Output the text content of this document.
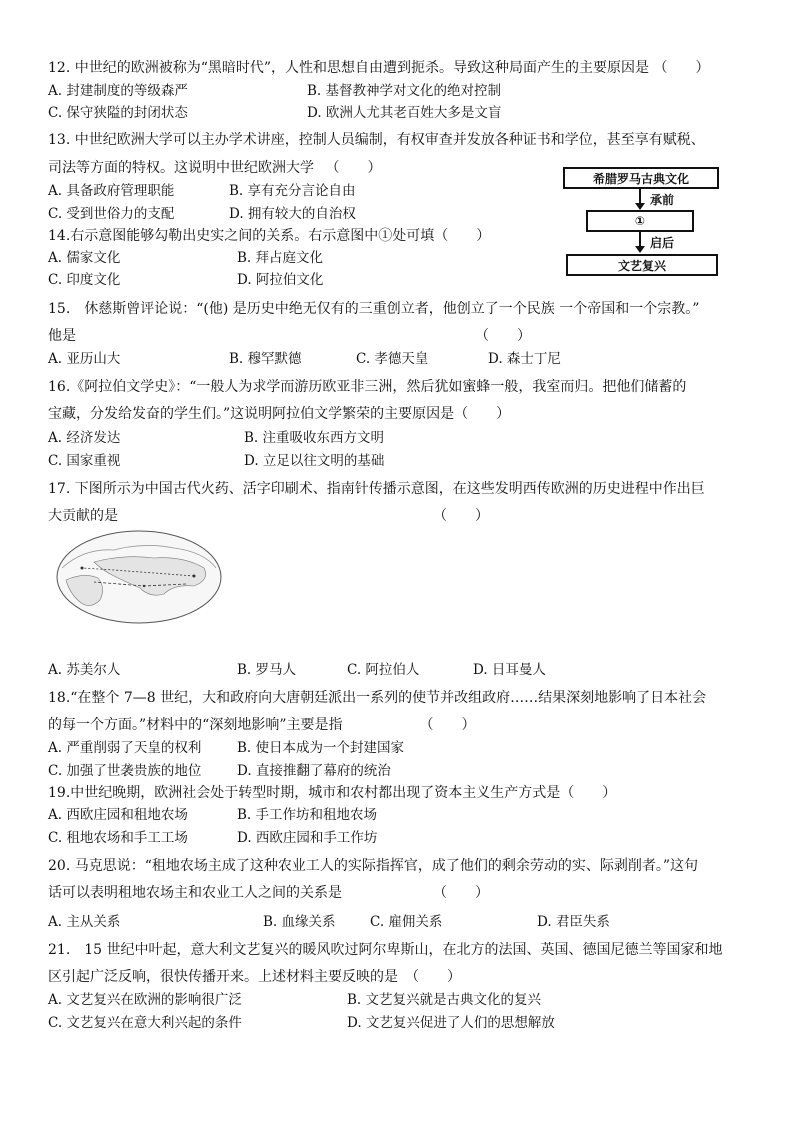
12. 中世纪的欧洲被称为“黑暗时代”，人性和思想自由遭到扼杀。导致这种局面产生的主要原因是 （　　）
A. 封建制度的等级森严	B. 基督教神学对文化的绝对控制
C. 保守狭隘的封闭状态	D. 欧洲人尤其老百姓大多是文盲
13. 中世纪欧洲大学可以主办学术讲座，控制人员编制，有权审查并发放各种证书和学位，甚至享有赋税、
司法等方面的特权。这说明中世纪欧洲大学 　（　　）
A. 具备政府管理职能	B. 享有充分言论自由
C. 受到世俗力的支配	D. 拥有较大的自治权
14.右示意图能够勾勒出史实之间的关系。右示意图中①处可填（　　）
A. 儒家文化	B. 拜占庭文化
C. 印度文化	D. 阿拉伯文化
希腊罗马古典文化
承前
①
启后
文艺复兴
15.　休慈斯曾评论说：“(他) 是历史中绝无仅有的三重创立者，他创立了一个民族 一个帝国和一个宗教。”
他是　　　　　　　　　　　　　　　　　　　　　　　　　　　　　（　　）
A. 亚历山大	B. 穆罕默德	C. 孝德天皇	D. 森士丁尼
16.《阿拉伯文学史》：“一般人为求学而游历欧亚非三洲，然后犹如蜜蜂一般，我室而归。把他们储蓄的
宝藏，分发给发奋的学生们。”这说明阿拉伯文学繁荣的主要原因是（　　）
A. 经济发达	B. 注重吸收东西方文明
C. 国家重视	D. 立足以往文明的基础
17. 下图所示为中国古代火药、活字印刷术、指南针传播示意图，在这些发明西传欧洲的历史进程中作出巨
大贡献的是　　　　　　　　　　　　　　　　　　　　　　　（　　）
A. 苏美尔人	B. 罗马人	C. 阿拉伯人	D. 日耳曼人
18.“在整个 7—8 世纪，大和政府向大唐朝廷派出一系列的使节并改组政府……结果深刻地影响了日本社会
的每一个方面。”材料中的“深刻地影响”主要是指　　　　　　（　　）
A. 严重削弱了天皇的权利	B. 使日本成为一个封建国家
C. 加强了世袭贵族的地位	D. 直接推翻了幕府的统治
19.中世纪晚期，欧洲社会处于转型时期，城市和农村都出现了资本主义生产方式是（　　）
A. 西欧庄园和租地农场	B. 手工作坊和租地农场
C. 租地农场和手工工场	D. 西欧庄园和手工作坊
20. 马克思说：“租地农场主成了这种农业工人的实际指挥官，成了他们的剩余劳动的实、际剥削者。”这句
话可以表明租地农场主和农业工人之间的关系是　　　　　　　（　　）
A. 主从关系	B. 血缘关系	C. 雇佣关系	D. 君臣失系
21.　15 世纪中叶起，意大利文艺复兴的暖风吹过阿尔卑斯山，在北方的法国、英国、德国尼德兰等国家和地
区引起广泛反响，很快传播开来。上述材料主要反映的是　（　　）
A. 文艺复兴在欧洲的影响很广泛	B. 文艺复兴就是古典文化的复兴
C. 文艺复兴在意大利兴起的条件	D. 文艺复兴促进了人们的思想解放
